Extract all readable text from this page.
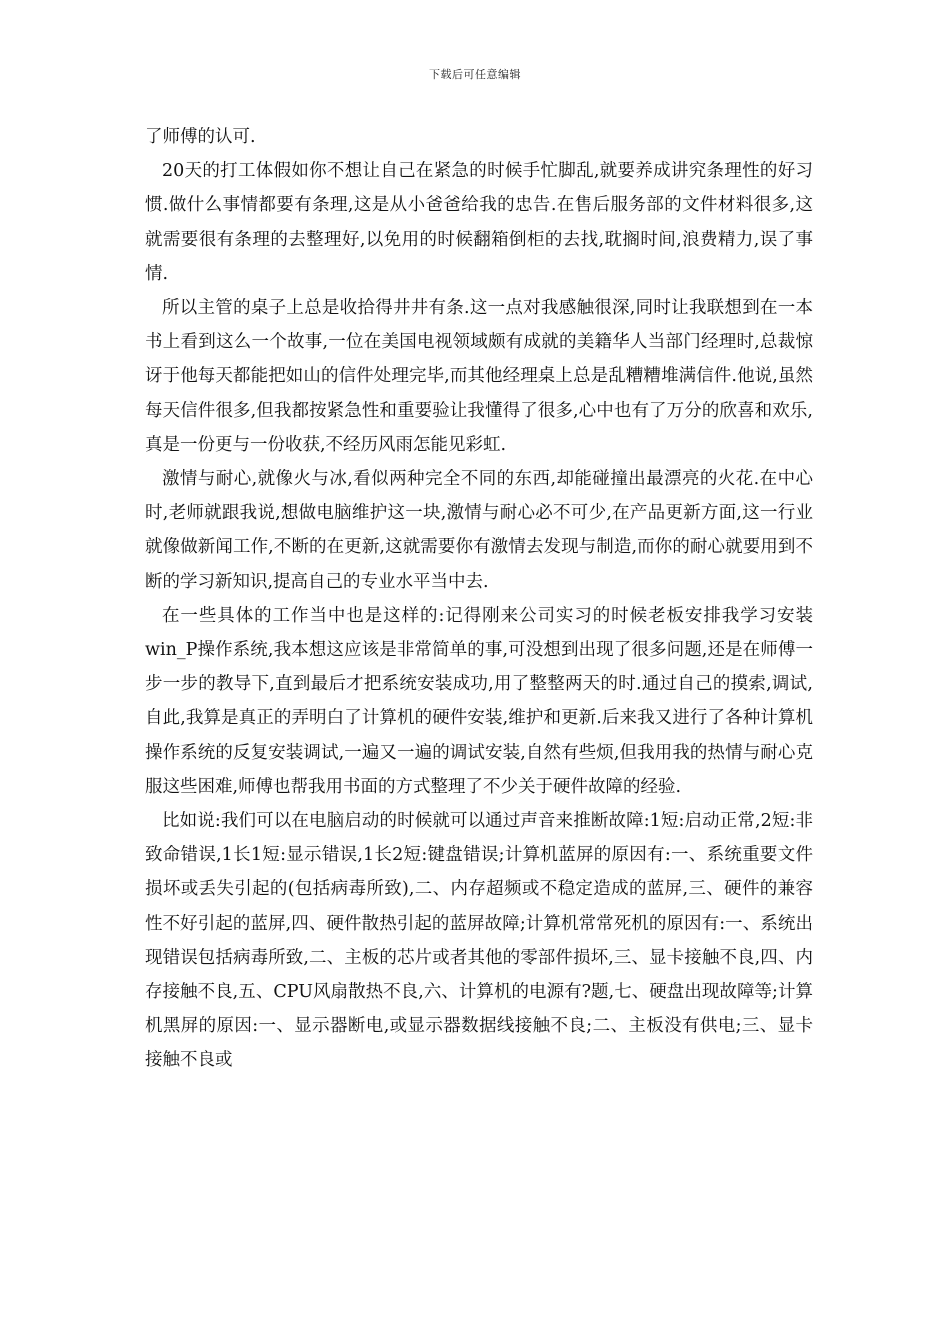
下载后可任意编辑

了师傅的认可.

20天的打工体假如你不想让自己在紧急的时候手忙脚乱,就要养成讲究条理性的好习惯.做什么事情都要有条理,这是从小爸爸给我的忠告.在售后服务部的文件材料很多,这就需要很有条理的去整理好,以免用的时候翻箱倒柜的去找,耽搁时间,浪费精力,误了事情.

所以主管的桌子上总是收拾得井井有条.这一点对我感触很深,同时让我联想到在一本书上看到这么一个故事,一位在美国电视领域颇有成就的美籍华人当部门经理时,总裁惊讶于他每天都能把如山的信件处理完毕,而其他经理桌上总是乱糟糟堆满信件.他说,虽然每天信件很多,但我都按紧急性和重要验让我懂得了很多,心中也有了万分的欣喜和欢乐,真是一份更与一份收获,不经历风雨怎能见彩虹.

激情与耐心,就像火与冰,看似两种完全不同的东西,却能碰撞出最漂亮的火花.在中心时,老师就跟我说,想做电脑维护这一块,激情与耐心必不可少,在产品更新方面,这一行业就像做新闻工作,不断的在更新,这就需要你有激情去发现与制造,而你的耐心就要用到不断的学习新知识,提高自己的专业水平当中去.

在一些具体的工作当中也是这样的:记得刚来公司实习的时候老板安排我学习安装win_P操作系统,我本想这应该是非常简单的事,可没想到出现了很多问题,还是在师傅一步一步的教导下,直到最后才把系统安装成功,用了整整两天的时.通过自己的摸索,调试,自此,我算是真正的弄明白了计算机的硬件安装,维护和更新.后来我又进行了各种计算机操作系统的反复安装调试,一遍又一遍的调试安装,自然有些烦,但我用我的热情与耐心克服这些困难,师傅也帮我用书面的方式整理了不少关于硬件故障的经验.

比如说:我们可以在电脑启动的时候就可以通过声音来推断故障:1短:启动正常,2短:非致命错误,1长1短:显示错误,1长2短:键盘错误;计算机蓝屏的原因有:一、系统重要文件损坏或丢失引起的(包括病毒所致),二、内存超频或不稳定造成的蓝屏,三、硬件的兼容性不好引起的蓝屏,四、硬件散热引起的蓝屏故障;计算机常常死机的原因有:一、系统出现错误包括病毒所致,二、主板的芯片或者其他的零部件损坏,三、显卡接触不良,四、内存接触不良,五、CPU风扇散热不良,六、计算机的电源有?题,七、硬盘出现故障等;计算机黑屏的原因:一、显示器断电,或显示器数据线接触不良;二、主板没有供电;三、显卡接触不良或
